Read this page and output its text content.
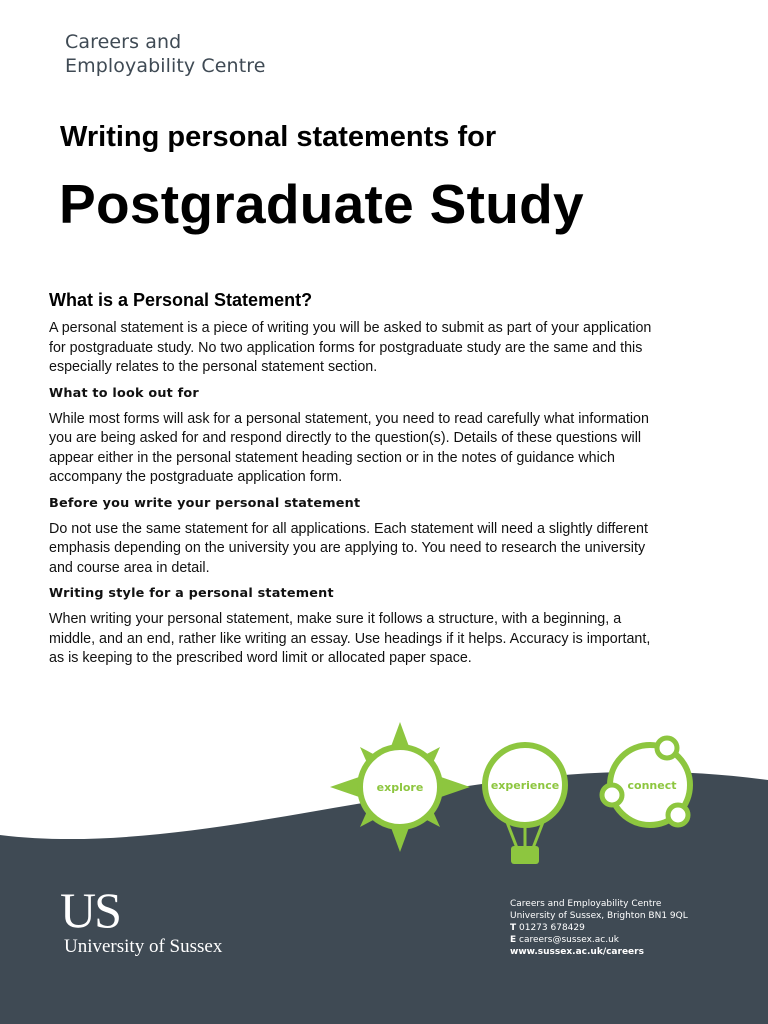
Careers and
Employability Centre
Writing personal statements for
Postgraduate Study
What is a Personal Statement?
A personal statement is a piece of writing you will be asked to submit as part of your application
for postgraduate study. No two application forms for postgraduate study are the same and this
especially relates to the personal statement section.
What to look out for
While most forms will ask for a personal statement, you need to read carefully what information
you are being asked for and respond directly to the question(s). Details of these questions will
appear either in the personal statement heading section or in the notes of guidance which
accompany the postgraduate application form.
Before you write your personal statement
Do not use the same statement for all applications. Each statement will need a slightly different
emphasis depending on the university you are applying to. You need to research the university
and course area in detail.
Writing style for a personal statement
When writing your personal statement, make sure it follows a structure, with a beginning, a
middle, and an end, rather like writing an essay. Use headings if it helps. Accuracy is important,
as is keeping to the prescribed word limit or allocated paper space.
explore	experience	connect
US
University of Sussex
Careers and Employability Centre
University of Sussex, Brighton BN1 9QL
T 01273 678429
E careers@sussex.ac.uk
www.sussex.ac.uk/careers
